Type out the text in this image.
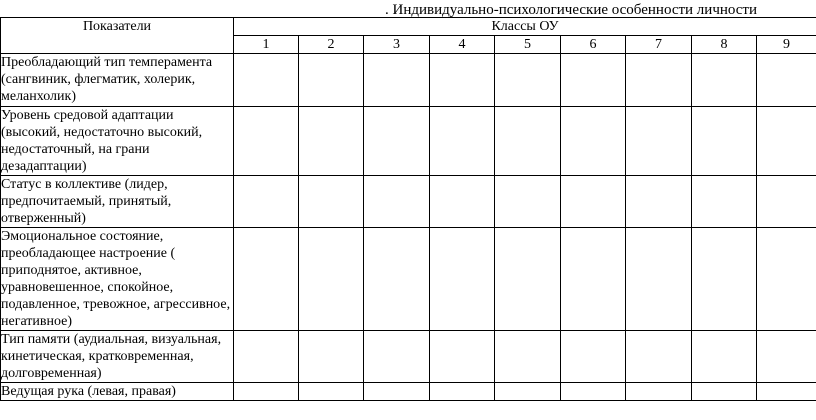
. Индивидуально-психологические особенности личности
Показатели	Классы ОУ								
	1	2	3	4	5	6	7	8	9
Преобладающий тип темперамента (сангвиник, флегматик, холерик, меланхолик)									
Уровень средовой адаптации (высокий, недостаточно высокий, недостаточный, на грани дезадаптации)									
Статус в коллективе (лидер, предпочитаемый, принятый, отверженный)									
Эмоциональное состояние, преобладающее настроение ( приподнятое, активное, уравновешенное, спокойное, подавленное, тревожное, агрессивное, негативное)									
Тип памяти (аудиальная, визуальная, кинетическая, кратковременная, долговременная)									
Ведущая рука (левая, правая)									
